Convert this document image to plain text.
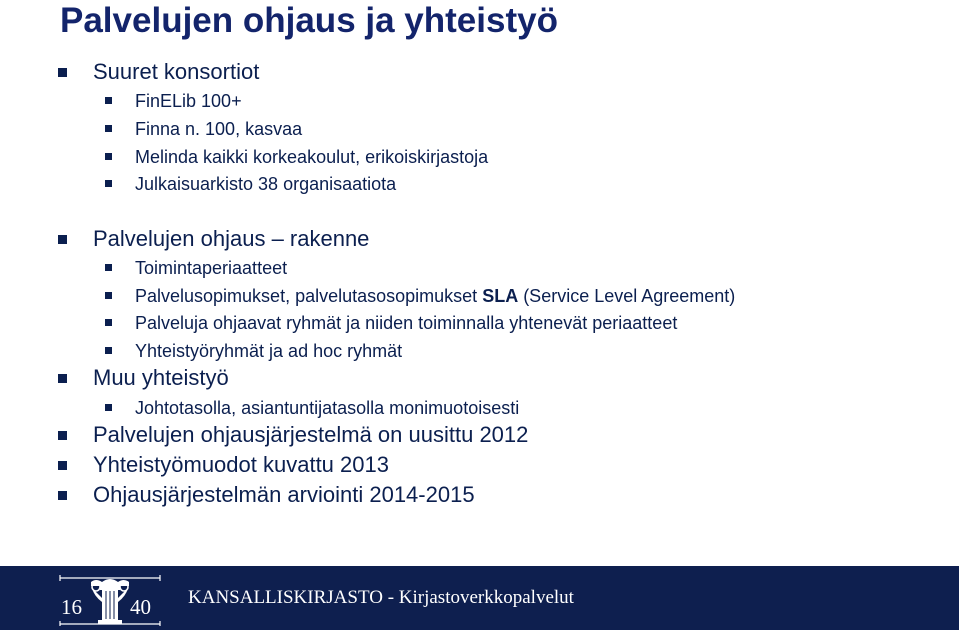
Palvelujen ohjaus ja yhteistyö
Suuret konsortiot
FinELib 100+
Finna n. 100, kasvaa
Melinda kaikki korkeakoulut, erikoiskirjastoja
Julkaisuarkisto 38 organisaatiota
Palvelujen ohjaus – rakenne
Toimintaperiaatteet
Palvelusopimukset, palvelutasosopimukset SLA (Service Level Agreement)
Palveluja ohjaavat ryhmät ja niiden toiminnalla yhtenevät periaatteet
Yhteistyöryhmät ja ad hoc ryhmät
Muu yhteistyö
Johtotasolla, asiantuntijatasolla monimuotoisesti
Palvelujen ohjausjärjestelmä on uusittu 2012
Yhteistyömuodot kuvattu 2013
Ohjausjärjestelmän arviointi 2014-2015
16 40 KANSALLISKIRJASTO - Kirjastoverkkopalvelut
